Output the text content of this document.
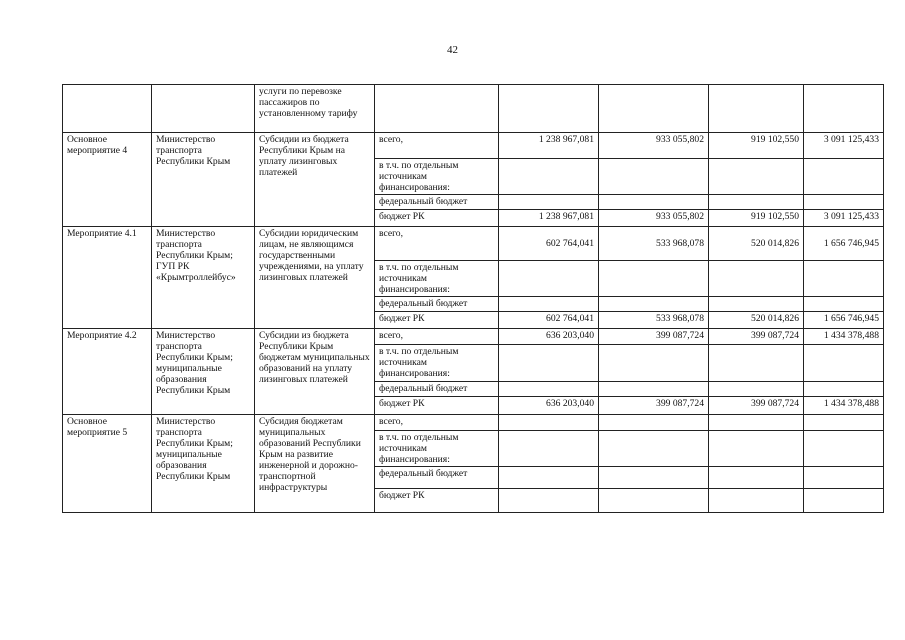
42

		услуги по перевозке пассажиров по установленному тарифу					

Основное мероприятие 4	Министерство транспорта Республики Крым	Субсидии из бюджета Республики Крым на уплату лизинговых платежей	всего,	1 238 967,081	933 055,802	919 102,550	3 091 125,433
			в т.ч. по отдельным источникам финансирования:				
			федеральный бюджет				
			бюджет РК	1 238 967,081	933 055,802	919 102,550	3 091 125,433
Мероприятие 4.1	Министерство транспорта Республики Крым; ГУП РК «Крымтроллейбус»	Субсидии юридическим лицам, не являющимся государственными учреждениями, на уплату лизинговых платежей	всего,	602 764,041	533 968,078	520 014,826	1 656 746,945
			в т.ч. по отдельным источникам финансирования:				
			федеральный бюджет				
			бюджет РК	602 764,041	533 968,078	520 014,826	1 656 746,945
Мероприятие 4.2	Министерство транспорта Республики Крым; муниципальные образования Республики Крым	Субсидии из бюджета Республики Крым бюджетам муниципальных образований на уплату лизинговых платежей	всего,	636 203,040	399 087,724	399 087,724	1 434 378,488
			в т.ч. по отдельным источникам финансирования:				
			федеральный бюджет				
			бюджет РК	636 203,040	399 087,724	399 087,724	1 434 378,488
Основное мероприятие 5	Министерство транспорта Республики Крым; муниципальные образования Республики Крым	Субсидия бюджетам муниципальных образований Республики Крым на развитие инженерной и дорожно-транспортной инфраструктуры	всего,				
			в т.ч. по отдельным источникам финансирования:				
			федеральный бюджет				
			бюджет РК				
